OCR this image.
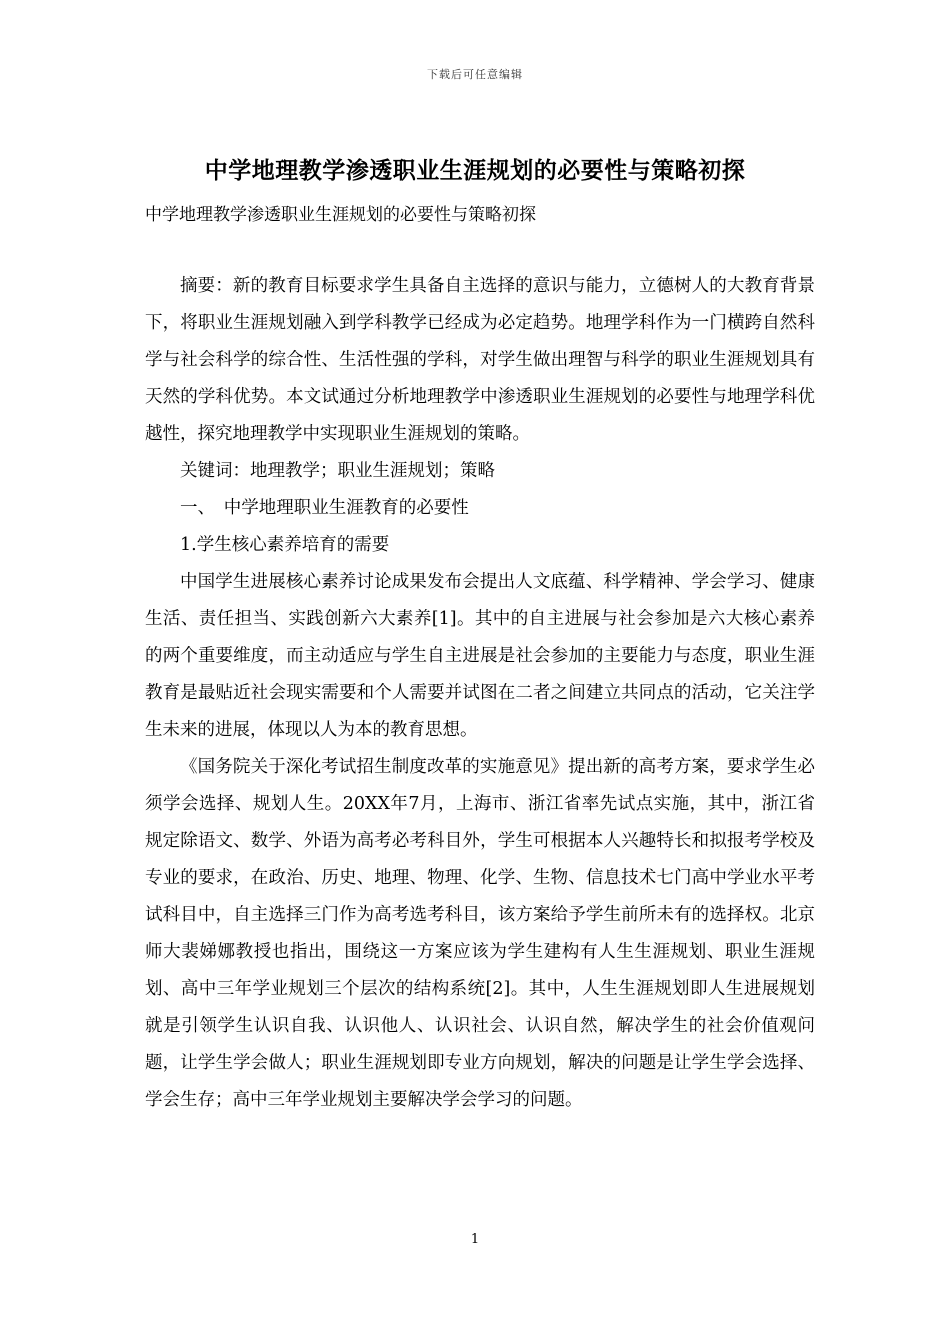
下载后可任意编辑
中学地理教学渗透职业生涯规划的必要性与策略初探
中学地理教学渗透职业生涯规划的必要性与策略初探

摘要：新的教育目标要求学生具备自主选择的意识与能力，立德树人的大教育背景下，将职业生涯规划融入到学科教学已经成为必定趋势。地理学科作为一门横跨自然科学与社会科学的综合性、生活性强的学科，对学生做出理智与科学的职业生涯规划具有天然的学科优势。本文试通过分析地理教学中渗透职业生涯规划的必要性与地理学科优越性，探究地理教学中实现职业生涯规划的策略。

关键词：地理教学；职业生涯规划；策略

一、　中学地理职业生涯教育的必要性

1.学生核心素养培育的需要

中国学生进展核心素养讨论成果发布会提出人文底蕴、科学精神、学会学习、健康生活、责任担当、实践创新六大素养[1]。其中的自主进展与社会参加是六大核心素养的两个重要维度，而主动适应与学生自主进展是社会参加的主要能力与态度，职业生涯教育是最贴近社会现实需要和个人需要并试图在二者之间建立共同点的活动，它关注学生未来的进展，体现以人为本的教育思想。

《国务院关于深化考试招生制度改革的实施意见》提出新的高考方案，要求学生必须学会选择、规划人生。20XX年7月，上海市、浙江省率先试点实施，其中，浙江省规定除语文、数学、外语为高考必考科目外，学生可根据本人兴趣特长和拟报考学校及专业的要求，在政治、历史、地理、物理、化学、生物、信息技术七门高中学业水平考试科目中，自主选择三门作为高考选考科目，该方案给予学生前所未有的选择权。北京师大裴娣娜教授也指出，围绕这一方案应该为学生建构有人生生涯规划、职业生涯规划、高中三年学业规划三个层次的结构系统[2]。其中，人生生涯规划即人生进展规划就是引领学生认识自我、认识他人、认识社会、认识自然，解决学生的社会价值观问题，让学生学会做人；职业生涯规划即专业方向规划，解决的问题是让学生学会选择、学会生存；高中三年学业规划主要解决学会学习的问题。

1
